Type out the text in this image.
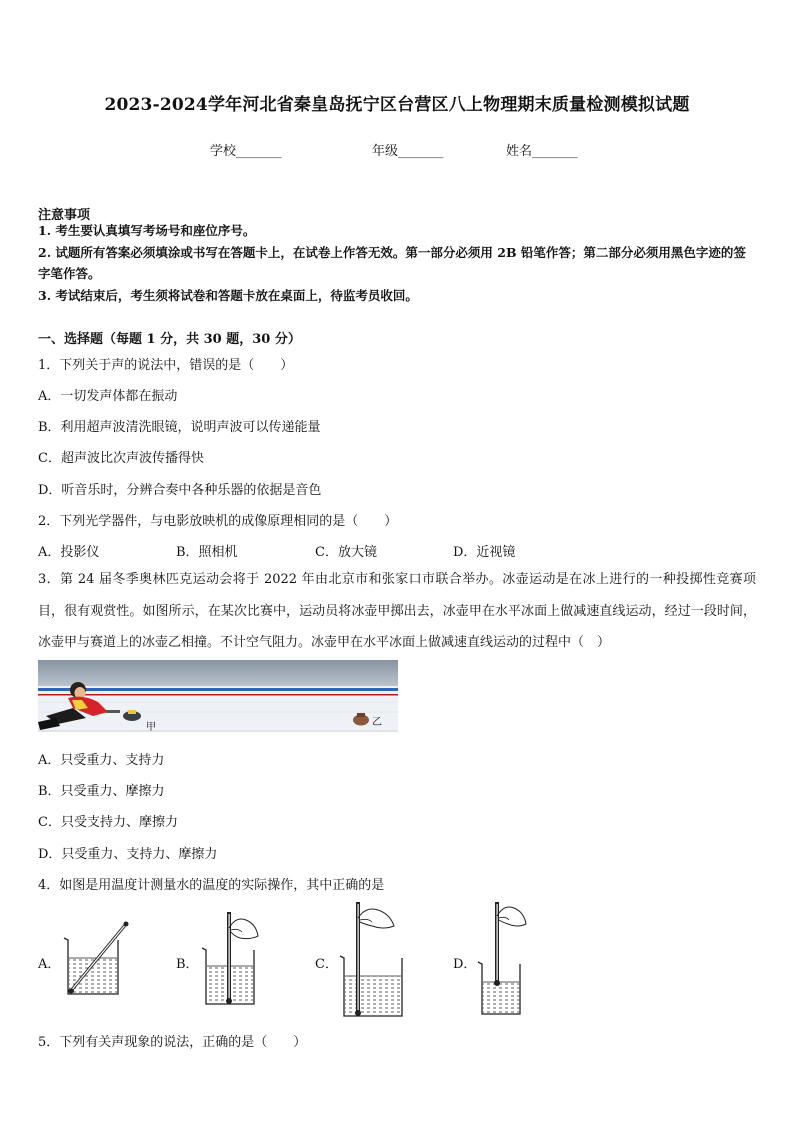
2023-2024学年河北省秦皇岛抚宁区台营区八上物理期末质量检测模拟试题
学校_______	年级_______	姓名_______
注意事项
1. 考生要认真填写考场号和座位序号。
2. 试题所有答案必须填涂或书写在答题卡上，在试卷上作答无效。第一部分必须用 2B 铅笔作答；第二部分必须用黑色字迹的签字笔作答。
3. 考试结束后，考生须将试卷和答题卡放在桌面上，待监考员收回。
一、选择题（每题 1 分，共 30 题，30 分）
1．下列关于声的说法中，错误的是（　　）
A．一切发声体都在振动
B．利用超声波清洗眼镜，说明声波可以传递能量
C．超声波比次声波传播得快
D．听音乐时，分辨合奏中各种乐器的依据是音色
2．下列光学器件，与电影放映机的成像原理相同的是（　　）
A．投影仪	B．照相机	C．放大镜	D．近视镜
3．第 24 届冬季奥林匹克运动会将于 2022 年由北京市和张家口市联合举办。冰壶运动是在冰上进行的一种投掷性竞赛项目，很有观赏性。如图所示，在某次比赛中，运动员将冰壶甲掷出去，冰壶甲在水平冰面上做减速直线运动，经过一段时间，冰壶甲与赛道上的冰壶乙相撞。不计空气阻力。冰壶甲在水平冰面上做减速直线运动的过程中（　）
甲	乙
A．只受重力、支持力
B．只受重力、摩擦力
C．只受支持力、摩擦力
D．只受重力、支持力、摩擦力
4．如图是用温度计测量水的温度的实际操作，其中正确的是
A．	B．	C．	D．
5．下列有关声现象的说法，正确的是（　　）
